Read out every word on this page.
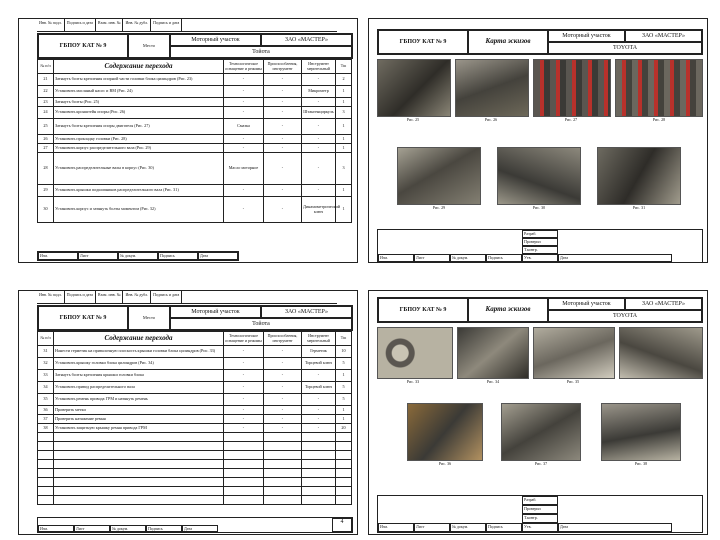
Инв. № подл.	Подпись и дата	Взам. инв. №	Инв. № дубл.	Подпись и дата
ГБПОУ КАТ № 9	Место
Моторный участок	ЗАО «МАСТЕР»
Тойота
№ п/п	Содержание перехода	Технологическое оснащение и режимы	Приспособления, инструмент	Инструмент мерительный	Тш
21	Затянуть болты крепления опорной части головки блока цилиндров (Рис. 23)	-	-	-	2
22	Установить масляный насос и ВМ (Рис. 24)	-	-	Микрометр	1
23	Затянуть болты (Рис. 25)	-	-	-	1
24	Установить кронштейн опоры (Рис. 26)	-	-	Штангенциркуль	3
25	Затянуть болты крепления опоры двигателя (Рис. 27)	Смазка	-	-	1
26	Установить прокладку головки (Рис. 28)	-	-	-	1
27	Установить корпус распределительного вала (Рис. 29)	-	-	-	1
28	Установить распределительные валы в корпус (Рис. 30)	Масло моторное	-	-	3
29	Установить крышки подшипников распределительного вала (Рис. 31)	-	-	-	1
30	Установить корпус и затянуть болты моментом (Рис. 32)	-	-	Динамометрический ключ	1
Изм.	Лист	№ докум.	Подпись	Дата
ГБПОУ КАТ № 9	Карта эскизов
Моторный участок	ЗАО «МАСТЕР»
TOYOTA
Рис. 25	Рис. 26	Рис. 27	Рис. 28
Рис. 29	Рис. 30	Рис. 31
Разраб.
Проверил
Т.контр.
Утв.
Изм.	Лист	№ докум.	Подпись	Дата
Инв. № подл.	Подпись и дата	Взам. инв. №	Инв. № дубл.	Подпись и дата
ГБПОУ КАТ № 9	Место
Моторный участок	ЗАО «МАСТЕР»
Тойота
№ п/п	Содержание перехода	Технологическое оснащение и режимы	Приспособления, инструмент	Инструмент мерительный	Тш
31	Нанести герметик на привалочную плоскость крышки головки блока цилиндров (Рис. 33)	-	-	Герметик	10
32	Установить крышку головки блока цилиндров (Рис. 34)	-	-	Торцевой ключ	5
33	Затянуть болты крепления крышки головки блока	-	-	-	1
34	Установить привод распределительного вала	-	-	Торцевой ключ	5
35	Установить ремень привода ГРМ и натянуть ремень	-	-	-	5
36	Проверить метки	-	-	-	1
37	Проверить натяжение ремня	-	-	-	1
38	Установить защитную крышку ремня привода ГРМ	-	-	-	20

Изм.	Лист	№ докум.	Подпись	Дата
4
ГБПОУ КАТ № 9	Карта эскизов
Моторный участок	ЗАО «МАСТЕР»
TOYOTA
Рис. 33	Рис. 34	Рис. 35
Рис. 36	Рис. 37	Рис. 38
Разраб.
Проверил
Т.контр.
Утв.
Изм.	Лист	№ докум.	Подпись	Дата
